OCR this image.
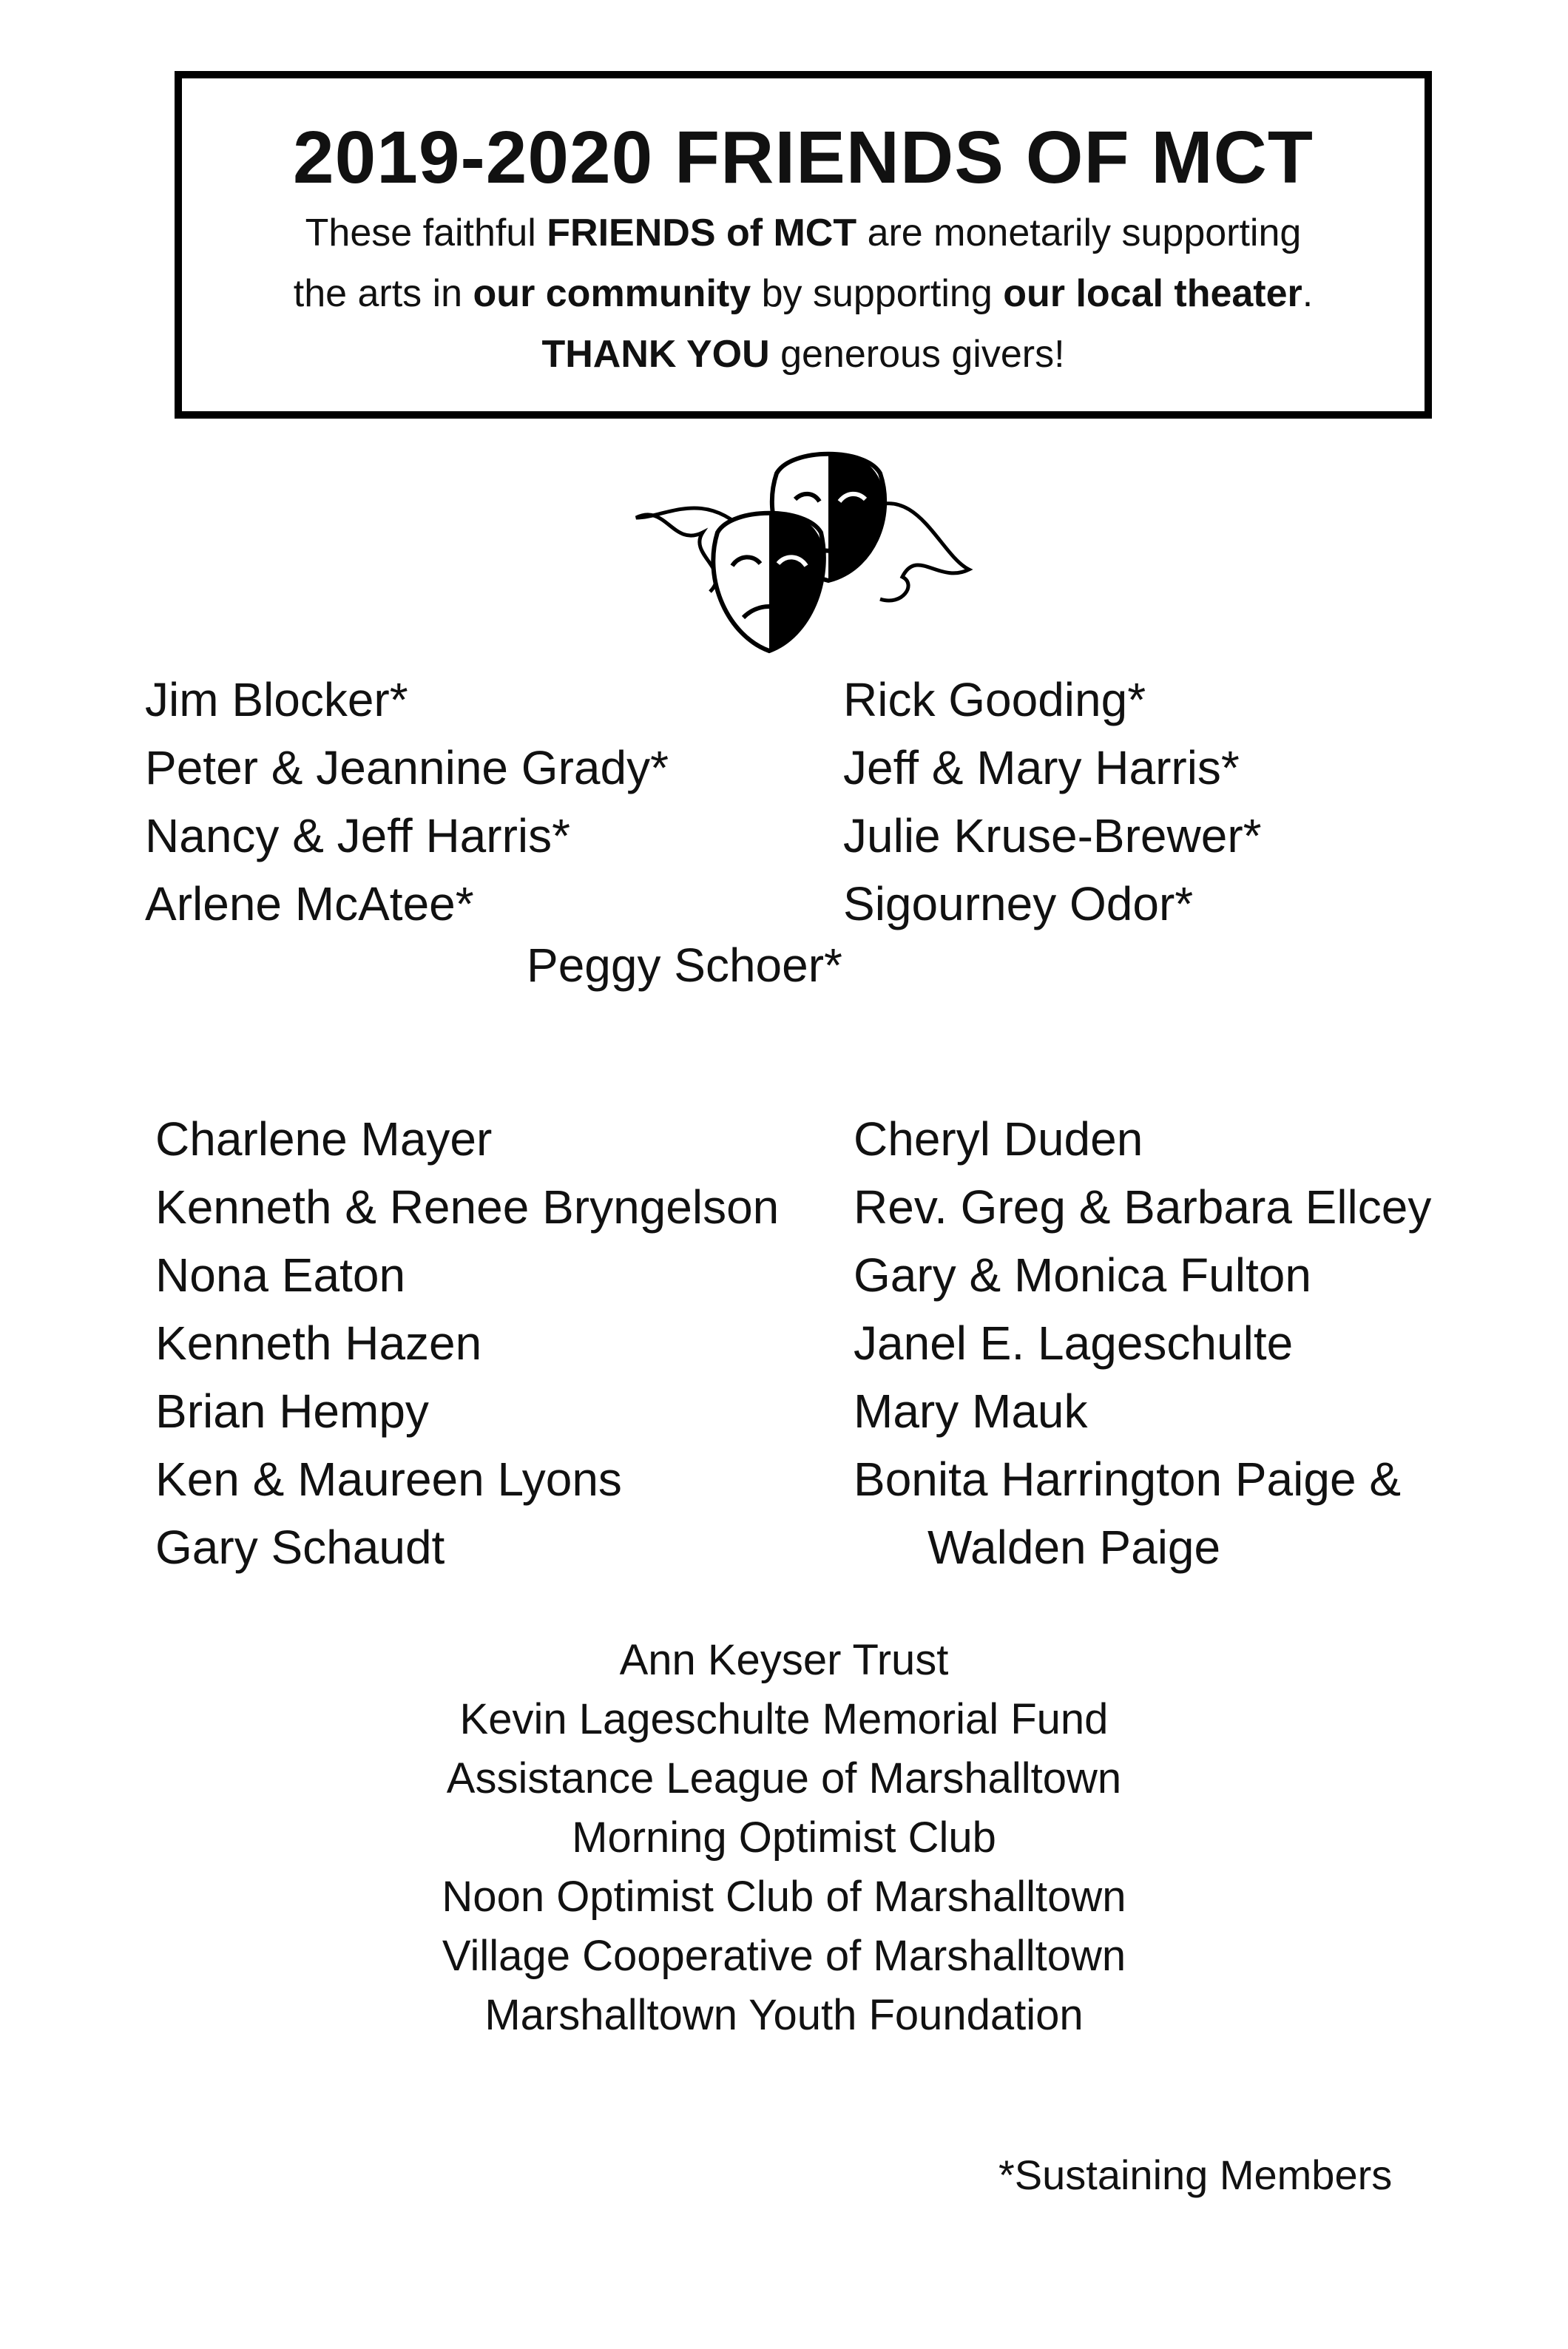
2019-2020 FRIENDS OF MCT
These faithful FRIENDS of MCT are monetarily supporting
the arts in our community by supporting our local theater.
THANK YOU generous givers!
Jim Blocker*
Peter & Jeannine Grady*
Nancy & Jeff Harris*
Arlene McAtee*
Rick Gooding*
Jeff & Mary Harris*
Julie Kruse-Brewer*
Sigourney Odor*
Peggy Schoer*
Charlene Mayer
Kenneth & Renee Bryngelson
Nona Eaton
Kenneth Hazen
Brian Hempy
Ken & Maureen Lyons
Gary Schaudt
Cheryl Duden
Rev. Greg & Barbara Ellcey
Gary & Monica Fulton
Janel E. Lageschulte
Mary Mauk
Bonita Harrington Paige &
Walden Paige
Ann Keyser Trust
Kevin Lageschulte Memorial Fund
Assistance League of Marshalltown
Morning Optimist Club
Noon Optimist Club of Marshalltown
Village Cooperative of Marshalltown
Marshalltown Youth Foundation
*Sustaining Members
